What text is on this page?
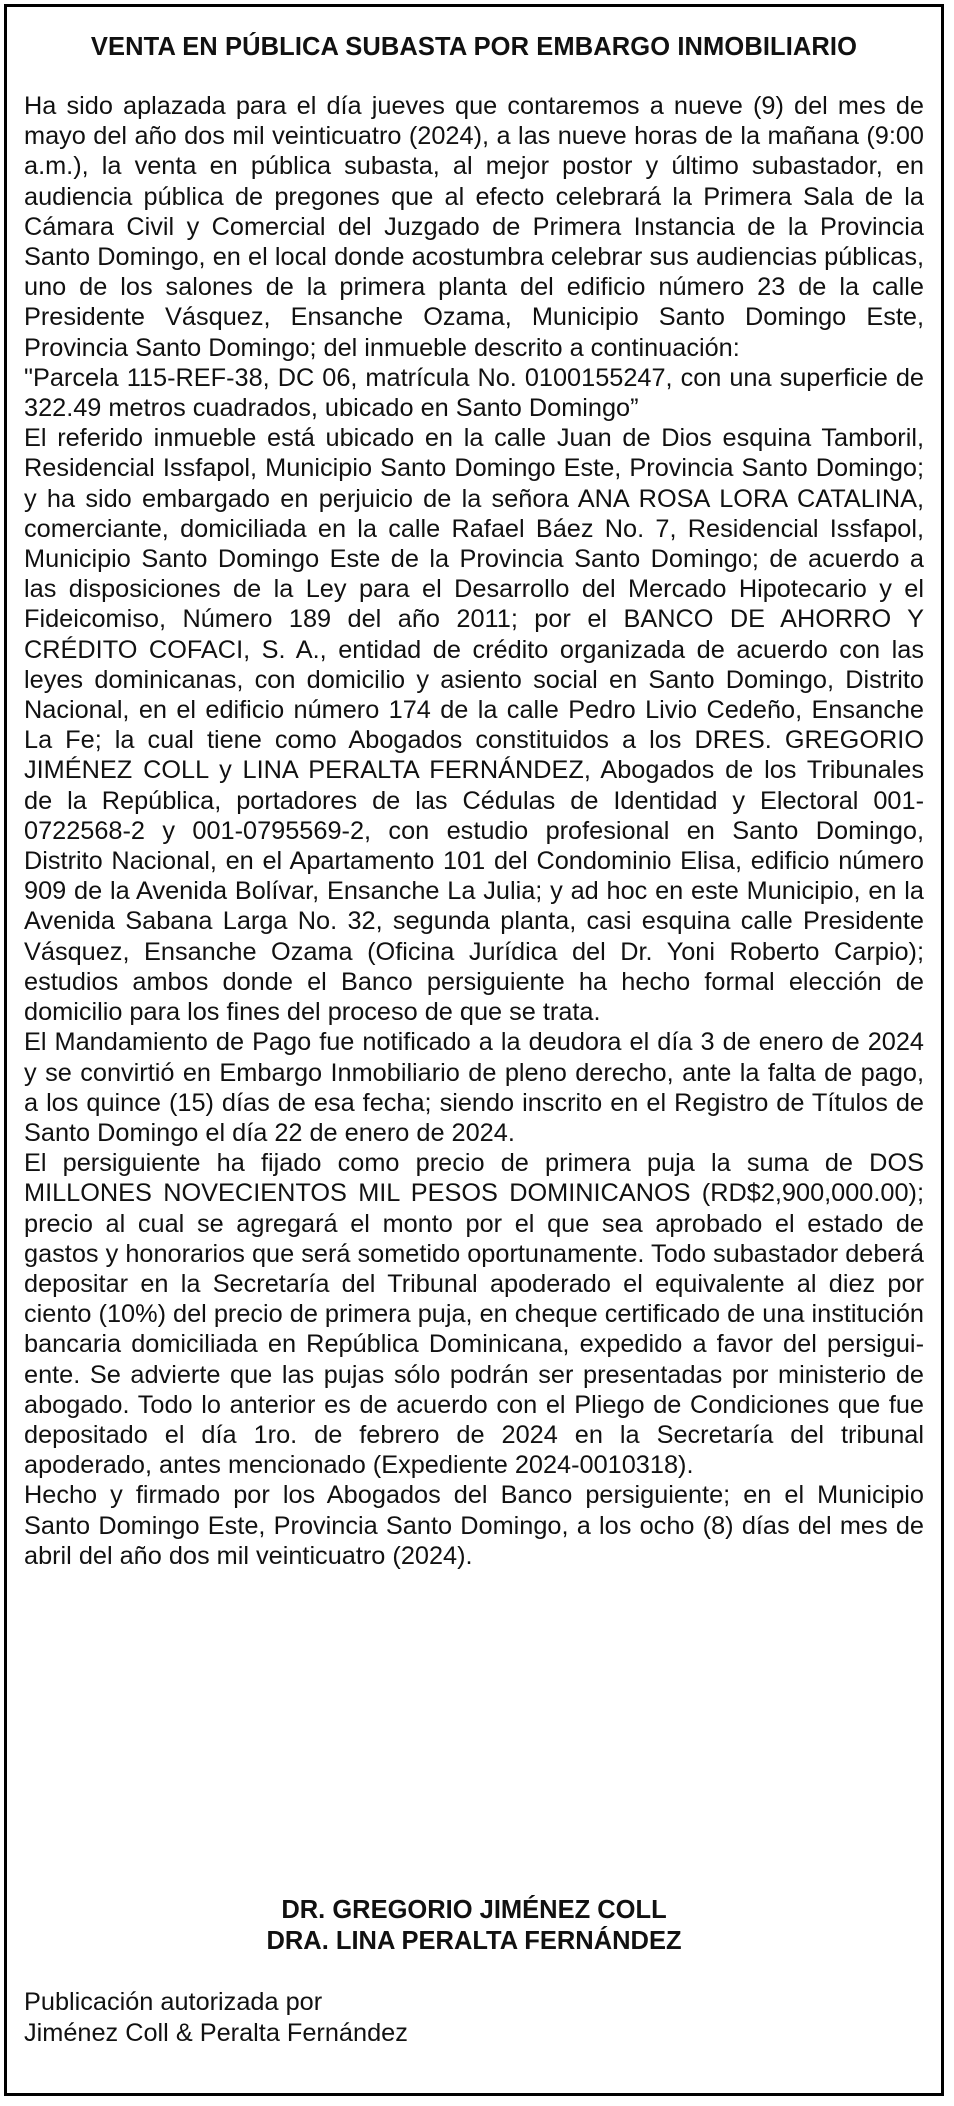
VENTA EN PÚBLICA SUBASTA POR EMBARGO INMOBILIARIO

Ha sido aplazada para el día jueves que contaremos a nueve (9) del mes de mayo del año dos mil veinticuatro (2024), a las nueve horas de la mañana (9:00 a.m.), la venta en pública subasta, al mejor postor y último subastador, en audiencia pública de pregones que al efecto celebrará la Primera Sala de la Cámara Civil y Comercial del Juzgado de Primera Instancia de la Provincia Santo Domingo, en el local donde acostumbra celebrar sus audiencias públicas, uno de los salones de la primera planta del edificio número 23 de la calle Presidente Vásquez, Ensanche Ozama, Municipio Santo Domingo Este, Provincia Santo Domingo; del inmueble descrito a continuación:

"Parcela 115-REF-38, DC 06, matrícula No. 0100155247, con una superficie de 322.49 metros cuadrados, ubicado en Santo Domingo”

El referido inmueble está ubicado en la calle Juan de Dios esquina Tamboril, Residencial Issfapol, Municipio Santo Domingo Este, Provincia Santo Domingo; y ha sido embargado en perjuicio de la señora ANA ROSA LORA CATALINA, comerciante, domiciliada en la calle Rafael Báez No. 7, Residencial Issfapol, Municipio Santo Domingo Este de la Provincia Santo Domingo; de acuerdo a las disposiciones de la Ley para el Desarrollo del Mercado Hipotecario y el Fideicomiso, Número 189 del año 2011; por el BANCO DE AHORRO Y CRÉDITO COFACI, S. A., entidad de crédito organizada de acuerdo con las leyes dominicanas, con domicilio y asiento social en Santo Domingo, Distrito Nacional, en el edificio número 174 de la calle Pedro Livio Cedeño, Ensanche La Fe; la cual tiene como Abogados constituidos a los DRES. GREGORIO JIMÉNEZ COLL y LINA PERALTA FERNÁNDEZ, Abogados de los Tribunales de la República, portadores de las Cédulas de Identidad y Electoral 001-0722568-2 y 001-0795569-2, con estudio profesional en Santo Domingo, Distrito Nacional, en el Apartamento 101 del Condominio Elisa, edificio número 909 de la Avenida Bolívar, Ensanche La Julia; y ad hoc en este Municipio, en la Avenida Sabana Larga No. 32, segunda planta, casi esquina calle Presidente Vásquez, Ensanche Ozama (Oficina Jurídica del Dr. Yoni Roberto Carpio); estudios ambos donde el Banco persiguiente ha hecho formal elección de domicilio para los fines del proceso de que se trata.

El Mandamiento de Pago fue notificado a la deudora el día 3 de enero de 2024 y se convirtió en Embargo Inmobiliario de pleno derecho, ante la falta de pago, a los quince (15) días de esa fecha; siendo inscrito en el Registro de Títulos de Santo Domingo el día 22 de enero de 2024.

El persiguiente ha fijado como precio de primera puja la suma de DOS MILLONES NOVECIENTOS MIL PESOS DOMINICANOS (RD$2,900,000.00); precio al cual se agregará el monto por el que sea aprobado el estado de gastos y honorarios que será sometido oportunamente. Todo subastador deberá depositar en la Secretaría del Tribunal apoderado el equivalente al diez por ciento (10%) del precio de primera puja, en cheque certificado de una institución bancaria domiciliada en República Dominicana, expedido a favor del persiguiente. Se advierte que las pujas sólo podrán ser presentadas por ministerio de abogado. Todo lo anterior es de acuerdo con el Pliego de Condiciones que fue depositado el día 1ro. de febrero de 2024 en la Secretaría del tribunal apoderado, antes mencionado (Expediente 2024-0010318).

Hecho y firmado por los Abogados del Banco persiguiente; en el Municipio Santo Domingo Este, Provincia Santo Domingo, a los ocho (8) días del mes de abril del año dos mil veinticuatro (2024).

DR. GREGORIO JIMÉNEZ COLL
DRA. LINA PERALTA FERNÁNDEZ
Publicación autorizada por
Jiménez Coll & Peralta Fernández
